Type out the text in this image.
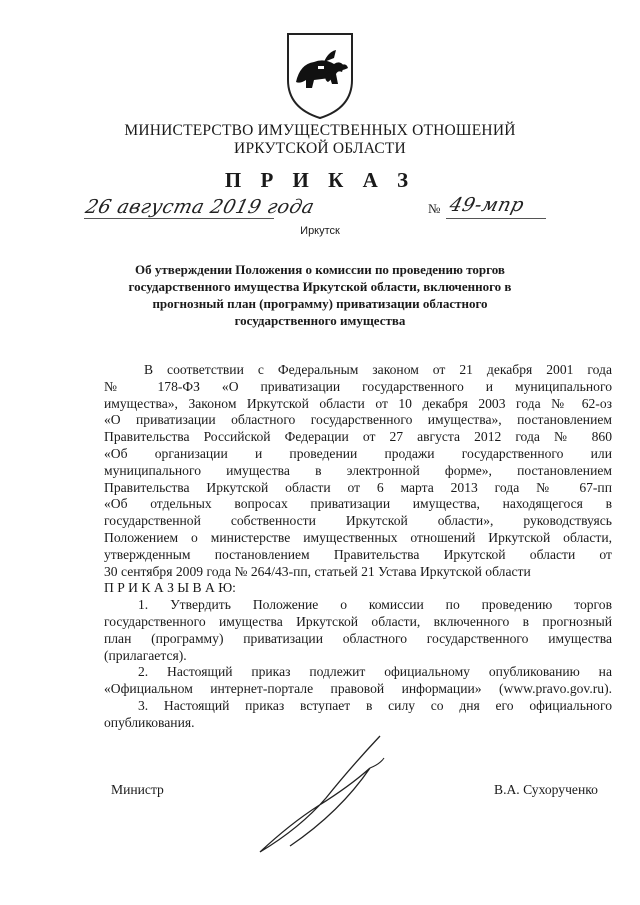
МИНИСТЕРСТВО ИМУЩЕСТВЕННЫХ ОТНОШЕНИЙ
ИРКУТСКОЙ ОБЛАСТИ
П Р И К А З
26 августа 2019 года	№ 49-мпр
Иркутск
Об утверждении Положения о комиссии по проведению торгов
государственного имущества Иркутской области, включенного в
прогнозный план (программу) приватизации областного
государственного имущества
В соответствии с Федеральным законом от 21 декабря 2001 года
№ 178-ФЗ «О приватизации государственного и муниципального
имущества», Законом Иркутской области от 10 декабря 2003 года № 62-оз
«О приватизации областного государственного имущества», постановлением
Правительства Российской Федерации от 27 августа 2012 года № 860
«Об организации и проведении продажи государственного или
муниципального имущества в электронной форме», постановлением
Правительства Иркутской области от 6 марта 2013 года № 67-пп
«Об отдельных вопросах приватизации имущества, находящегося в
государственной собственности Иркутской области», руководствуясь
Положением о министерстве имущественных отношений Иркутской области,
утвержденным постановлением Правительства Иркутской области от
30 сентября 2009 года № 264/43-пп, статьей 21 Устава Иркутской области
П Р И К А З Ы В А Ю:
1. Утвердить Положение о комиссии по проведению торгов
государственного имущества Иркутской области, включенного в прогнозный
план (программу) приватизации областного государственного имущества
(прилагается).
2. Настоящий приказ подлежит официальному опубликованию на
«Официальном интернет-портале правовой информации» (www.pravo.gov.ru).
3. Настоящий приказ вступает в силу со дня его официального
опубликования.
Министр	В.А. Сухорученко
